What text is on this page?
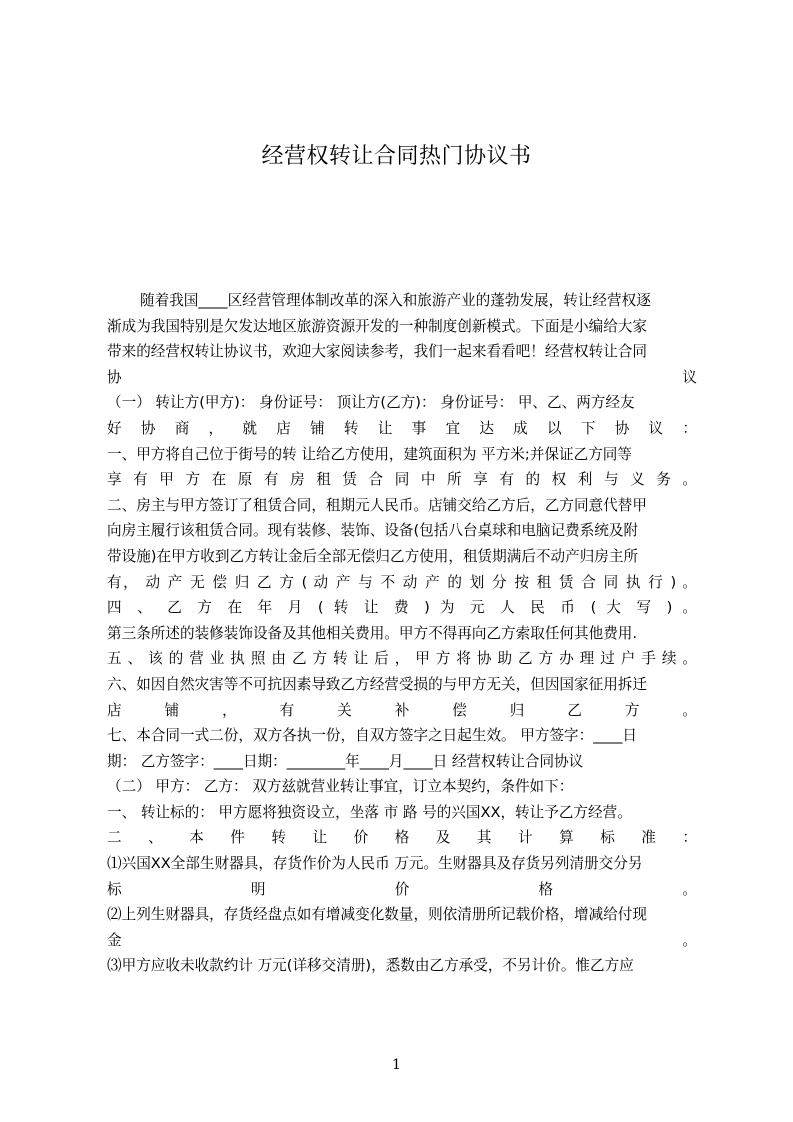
经营权转让合同热门协议书
随着我国____区经营管理体制改革的深入和旅游产业的蓬勃发展，转让经营权逐
渐成为我国特别是欠发达地区旅游资源开发的一种制度创新模式。下面是小编给大家
带来的经营权转让协议书，欢迎大家阅读参考，我们一起来看看吧！经营权转让合同
协 议
（一） 转让方(甲方)： 身份证号： 顶让方(乙方)： 身份证号： 甲、乙、两方经友
好 协 商 ， 就 店 铺 转 让 事 宜 达 成 以 下 协 议 ：
一、甲方将自己位于街号的转 让给乙方使用，建筑面积为 平方米;并保证乙方同等
享 有 甲 方 在 原 有 房 租 赁 合 同 中 所 享 有 的 权 利 与 义 务 。
二、房主与甲方签订了租赁合同，租期元人民币。店铺交给乙方后，乙方同意代替甲
向房主履行该租赁合同。现有装修、装饰、设备(包括八台桌球和电脑记费系统及附
带设施)在甲方收到乙方转让金后全部无偿归乙方使用，租赁期满后不动产归房主所
有， 动 产 无 偿 归 乙 方 ( 动 产 与 不 动 产 的 划 分 按 租 赁 合 同 执 行 ) 。
四 、 乙 方 在 年 月 ( 转 让 费 ) 为 元 人 民 币 ( 大 写 ) 。
第三条所述的装修装饰设备及其他相关费用。甲方不得再向乙方索取任何其他费用.
五 、 该 的 营 业 执 照 由 乙 方 转 让 后 ， 甲 方 将 协 助 乙 方 办 理 过 户 手 续 。
六、如因自然灾害等不可抗因素导致乙方经营受损的与甲方无关，但因国家征用拆迁
店 铺 ， 有 关 补 偿 归 乙 方 。
七、本合同一式二份，双方各执一份，自双方签字之日起生效。 甲方签字：____日
期： 乙方签字：____日期：________年____月____日 经营权转让合同协议
（二） 甲方： 乙方： 双方兹就营业转让事宜，订立本契约，条件如下：
一、 转让标的： 甲方愿将独资设立，坐落 市 路 号的兴国XX，转让予乙方经营。
二 、 本 件 转 让 价 格 及 其 计 算 标 准 ：
⑴兴国XX全部生财器具，存货作价为人民币 万元。生财器具及存货另列清册交分另
标 明 价 格 。
⑵上列生财器具，存货经盘点如有增减变化数量，则依清册所记载价格，增减给付现
金 。
⑶甲方应收未收款约计 万元(详移交清册)，悉数由乙方承受，不另计价。惟乙方应
1
